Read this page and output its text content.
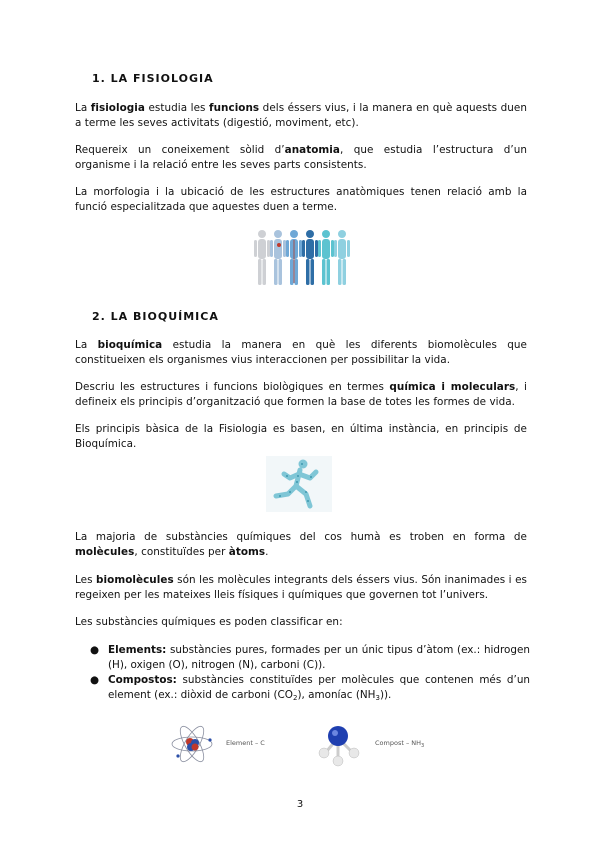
1. LA FISIOLOGIA

La fisiologia estudia les funcions dels éssers vius, i la manera en què aquests duen a terme les seves activitats (digestió, moviment, etc).

Requereix un coneixement sòlid d’anatomia, que estudia l’estructura d’un organisme i la relació entre les seves parts consistents.

La morfologia i la ubicació de les estructures anatòmiques tenen relació amb la funció especialitzada que aquestes duen a terme.

2. LA BIOQUÍMICA

La bioquímica estudia la manera en què les diferents biomolècules que constitueixen els organismes vius interaccionen per possibilitar la vida.

Descriu les estructures i funcions biològiques en termes química i moleculars, i defineix els principis d’organització que formen la base de totes les formes de vida.

Els principis bàsica de la Fisiologia es basen, en última instància, en principis de Bioquímica.

La majoria de substàncies químiques del cos humà es troben en forma de molècules, constituïdes per àtoms.

Les biomolècules són les molècules integrants dels éssers vius. Són inanimades i es regeixen per les mateixes lleis físiques i químiques que governen tot l’univers.

Les substàncies químiques es poden classificar en:

● Elements: substàncies pures, formades per un únic tipus d’àtom (ex.: hidrogen (H), oxigen (O), nitrogen (N), carboni (C)).
● Compostos: substàncies constituïdes per molècules que contenen més d’un element (ex.: diòxid de carboni $(CO_2)$, amoníac $(NH_3)$).
Element – C	Compost – $NH_3$
3
